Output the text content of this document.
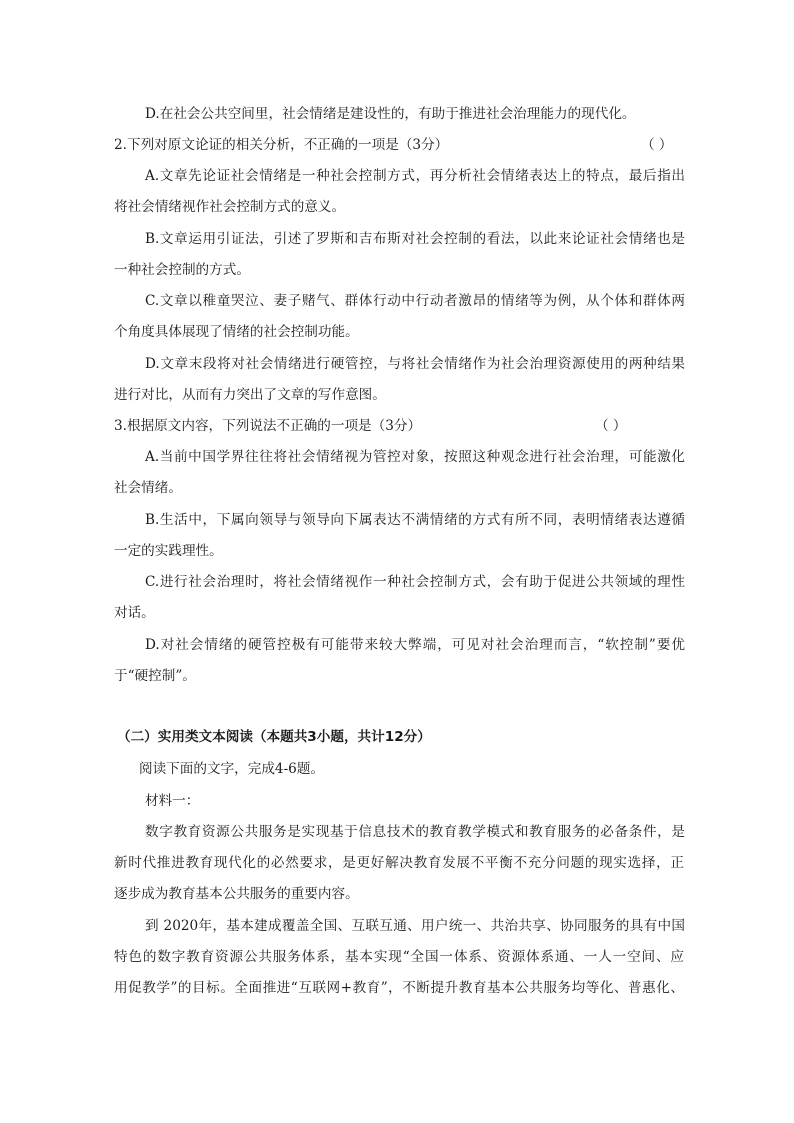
D.在社会公共空间里，社会情绪是建设性的，有助于推进社会治理能力的现代化。
2.下列对原文论证的相关分析，不正确的一项是（3分）	（ ）
A.文章先论证社会情绪是一种社会控制方式，再分析社会情绪表达上的特点，最后指出
将社会情绪视作社会控制方式的意义。
B.文章运用引证法，引述了罗斯和吉布斯对社会控制的看法，以此来论证社会情绪也是
一种社会控制的方式。
C.文章以稚童哭泣、妻子赌气、群体行动中行动者激昂的情绪等为例，从个体和群体两
个角度具体展现了情绪的社会控制功能。
D.文章末段将对社会情绪进行硬管控，与将社会情绪作为社会治理资源使用的两种结果
进行对比，从而有力突出了文章的写作意图。
3.根据原文内容，下列说法不正确的一项是（3分）	（ ）
A.当前中国学界往往将社会情绪视为管控对象，按照这种观念进行社会治理，可能激化
社会情绪。
B.生活中，下属向领导与领导向下属表达不满情绪的方式有所不同，表明情绪表达遵循
一定的实践理性。
C.进行社会治理时，将社会情绪视作一种社会控制方式，会有助于促进公共领域的理性
对话。
D.对社会情绪的硬管控极有可能带来较大弊端，可见对社会治理而言，“软控制”要优
于“硬控制”。
（二）实用类文本阅读（本题共3小题，共计12分）
阅读下面的文字，完成4-6题。
材料一：
数字教育资源公共服务是实现基于信息技术的教育教学模式和教育服务的必备条件，是
新时代推进教育现代化的必然要求，是更好解决教育发展不平衡不充分问题的现实选择，正
逐步成为教育基本公共服务的重要内容。
到 2020年，基本建成覆盖全国、互联互通、用户统一、共治共享、协同服务的具有中国
特色的数字教育资源公共服务体系，基本实现“全国一体系、资源体系通、一人一空间、应
用促教学”的目标。全面推进“互联网+教育”，不断提升教育基本公共服务均等化、普惠化、
